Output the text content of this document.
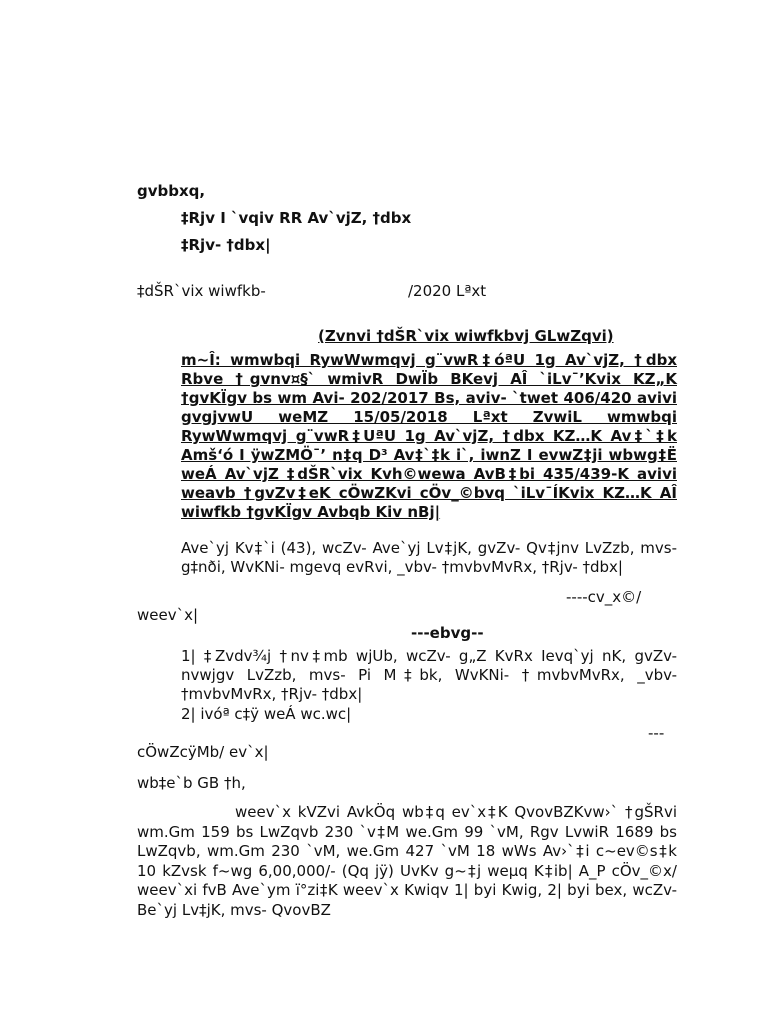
gvbbxq,
‡Rjv I `vqiv RR Av`vjZ, †dbx
‡Rjv- †dbx|
‡dŠR`vix wiwfkb-	/2020 Lªxt
(Zvnvi †dŠR`vix wiwfkbvj GLwZqvi)
m~Î: wmwbqi RywWwmqvj g¨vwR‡óªU 1g Av`vjZ, †dbx Rbve †gvnv¤§` wmivR DwÏb BKevj AÎ `iLv¯’Kvix KZ„K †gvKÏgv bs wm Avi- 202/2017 Bs, aviv- `twet 406/420 avivi gvgjvwU weMZ 15/05/2018 Lªxt ZvwiL wmwbqi RywWwmqvj g¨vwR‡UªU 1g Av`vjZ, †dbx KZ…K Av‡`‡k Amš‘ó I ÿwZMÖ¯’ n‡q D³ Av‡`‡k i`, iwnZ I evwZ‡ji wbwg‡Ë weÁ Av`vjZ ‡dŠR`vix Kvh©wewa AvB‡bi 435/439-K avivi weavb †gvZv‡eK cÖwZKvi cÖv_©bvq `iLv¯ÍKvix KZ…K AÎ wiwfkb †gvKÏgv Avbqb Kiv nBj|
Ave`yj Kv‡`i (43), wcZv- Ave`yj Lv‡jK, gvZv- Qv‡jnv LvZzb, mvs- g‡nði, WvKNi- mgevq evRvi, _vbv- †mvbvMvRx, †Rjv- †dbx|
----cv_x©/
weev`x|
---ebvg--
1| ‡Zvdv¾j †nv‡mb wjUb, wcZv- g„Z KvRx Ievq`yj nK, gvZv- nvwjgv LvZzb, mvs- Pi M‡bk, WvKNi- †mvbvMvRx, _vbv- †mvbvMvRx, †Rjv- †dbx|
2| ivóª c‡ÿ weÁ wc.wc|
---
cÖwZcÿMb/ ev`x|
wb‡e`b GB †h,
weev`x kVZvi AvkÖq wb‡q ev`x‡K QvovBZKvw›` †gŠRvi wm.Gm 159 bs LwZqvb 230 `v‡M we.Gm 99 `vM, Rgv LvwiR 1689 bs LwZqvb, wm.Gm 230 `vM, we.Gm 427 `vM 18 wWs Av›`‡i c~ev©s‡k 10 kZvsk f~wg 6,00,000/- (Qq jÿ) UvKv g~‡j weµq K‡ib| A_P cÖv_©x/ weev`xi fvB Ave`ym ï°zi‡K weev`x Kwiqv 1| byi Kwig, 2| byi bex, wcZv- Be`yj Lv‡jK, mvs- QvovBZ
